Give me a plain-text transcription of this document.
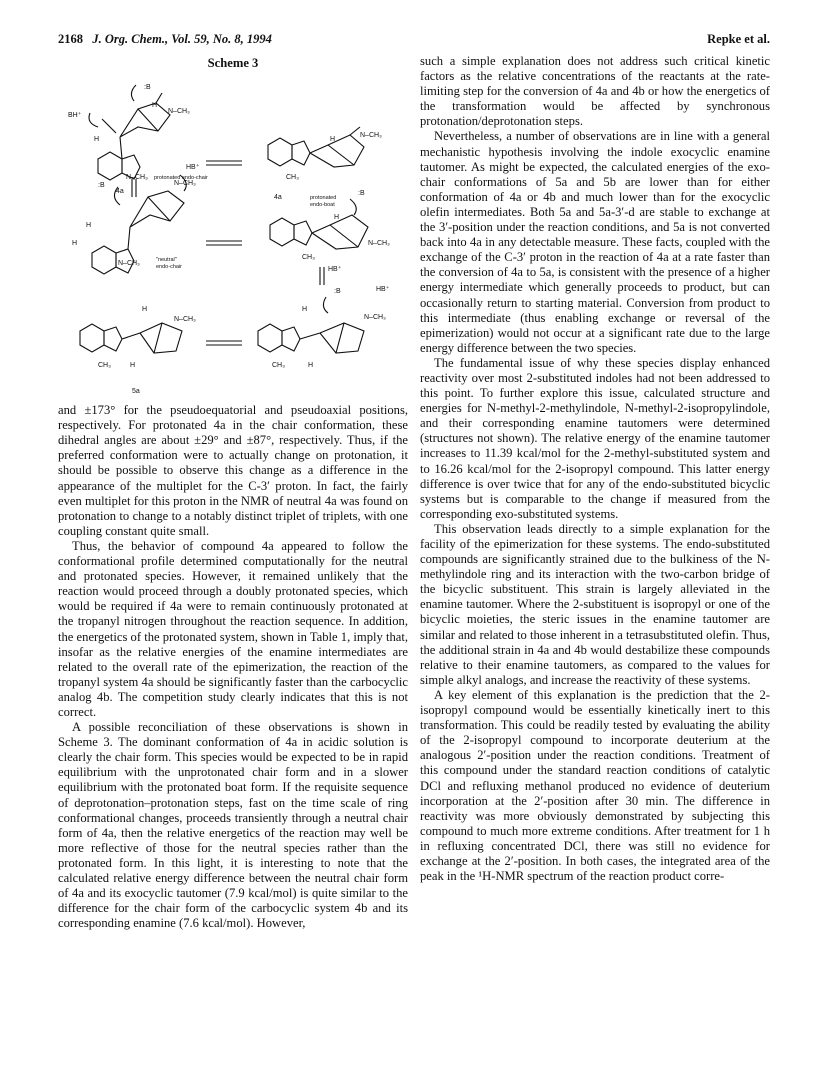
2168 J. Org. Chem., Vol. 59, No. 8, 1994	Repke et al.
Scheme 3
:B
H
N–CH₃
BH⁺
H
N–CH₃ protonated endo-chair
4a
H
N–CH₃
CH₃
4a	protonated
endo-boat
HB⁺
N–CH₃
:B
H
H
N–CH₃	"neutral"
endo-chair
H
:B
CH₃
N–CH₃
HB⁺
H
N–CH₃
CH₃	H
5a
H
:B	HB⁺
N–CH₃
CH₃	H

and ±173° for the pseudoequatorial and pseudoaxial positions, respectively. For protonated 4a in the chair conformation, these dihedral angles are about ±29° and ±87°, respectively. Thus, if the preferred conformation were to actually change on protonation, it should be possible to observe this change as a difference in the appearance of the multiplet for the C-3′ proton. In fact, the fairly even multiplet for this proton in the NMR of neutral 4a was found on protonation to change to a notably distinct triplet of triplets, with one coupling constant quite small.

Thus, the behavior of compound 4a appeared to follow the conformational profile determined computationally for the neutral and protonated species. However, it remained unlikely that the reaction would proceed through a doubly protonated species, which would be required if 4a were to remain continuously protonated at the tropanyl nitrogen throughout the reaction sequence. In addition, the energetics of the protonated system, shown in Table 1, imply that, insofar as the relative energies of the enamine intermediates are related to the overall rate of the epimerization, the reaction of the tropanyl system 4a should be significantly faster than the carbocyclic analog 4b. The competition study clearly indicates that this is not correct.

A possible reconciliation of these observations is shown in Scheme 3. The dominant conformation of 4a in acidic solution is clearly the chair form. This species would be expected to be in rapid equilibrium with the unprotonated chair form and in a slower equilibrium with the protonated boat form. If the requisite sequence of deprotonation–protonation steps, fast on the time scale of ring conformational changes, proceeds transiently through a neutral chair form of 4a, then the relative energetics of the reaction may well be more reflective of those for the neutral species rather than the protonated form. In this light, it is interesting to note that the calculated relative energy difference between the neutral chair form of 4a and its exocyclic tautomer (7.9 kcal/mol) is quite similar to the difference for the chair form of the carbocyclic system 4b and its corresponding enamine (7.6 kcal/mol). However,

such a simple explanation does not address such critical kinetic factors as the relative concentrations of the reactants at the rate-limiting step for the conversion of 4a and 4b or how the energetics of the transformation would be affected by synchronous protonation/deprotonation steps.

Nevertheless, a number of observations are in line with a general mechanistic hypothesis involving the indole exocyclic enamine tautomer. As might be expected, the calculated energies of the exo-chair conformations of 5a and 5b are lower than for either conformation of 4a or 4b and much lower than for the exocyclic olefin intermediates. Both 5a and 5a-3′-d are stable to exchange at the 3′-position under the reaction conditions, and 5a is not converted back into 4a in any detectable measure. These facts, coupled with the exchange of the C-3′ proton in the reaction of 4a at a rate faster than the conversion of 4a to 5a, is consistent with the presence of a higher energy intermediate which generally proceeds to product, but can occasionally return to starting material. Conversion from product to this intermediate (thus enabling exchange or reversal of the epimerization) would not occur at a significant rate due to the large energy difference between the two species.

The fundamental issue of why these species display enhanced reactivity over most 2-substituted indoles had not been addressed to this point. To further explore this issue, calculated structure and energies for N-methyl-2-methylindole, N-methyl-2-isopropylindole, and their corresponding enamine tautomers were determined (structures not shown). The relative energy of the enamine tautomer increases to 11.39 kcal/mol for the 2-methyl-substituted system and to 16.26 kcal/mol for the 2-isopropyl compound. This latter energy difference is over twice that for any of the endo-substituted bicyclic systems but is comparable to the change if measured from the corresponding exo-substituted systems.

This observation leads directly to a simple explanation for the facility of the epimerization for these systems. The endo-substituted compounds are significantly strained due to the bulkiness of the N-methylindole ring and its interaction with the two-carbon bridge of the bicyclic substituent. This strain is largely alleviated in the enamine tautomer. Where the 2-substituent is isopropyl or one of the bicyclic moieties, the steric issues in the enamine tautomer are similar and related to those inherent in a tetrasubstituted olefin. Thus, the additional strain in 4a and 4b would destabilize these compounds relative to their enamine tautomers, as compared to the values for simple alkyl analogs, and increase the reactivity of these systems.

A key element of this explanation is the prediction that the 2-isopropyl compound would be essentially kinetically inert to this transformation. This could be readily tested by evaluating the ability of the 2-isopropyl compound to incorporate deuterium at the analogous 2′-position under the reaction conditions. Treatment of this compound under the standard reaction conditions of catalytic DCl and refluxing methanol produced no evidence of deuterium incorporation at the 2′-position after 30 min. The difference in reactivity was more obviously demonstrated by subjecting this compound to much more extreme conditions. After treatment for 1 h in refluxing concentrated DCl, there was still no evidence for exchange at the 2′-position. In both cases, the integrated area of the peak in the ¹H-NMR spectrum of the reaction product corre-
